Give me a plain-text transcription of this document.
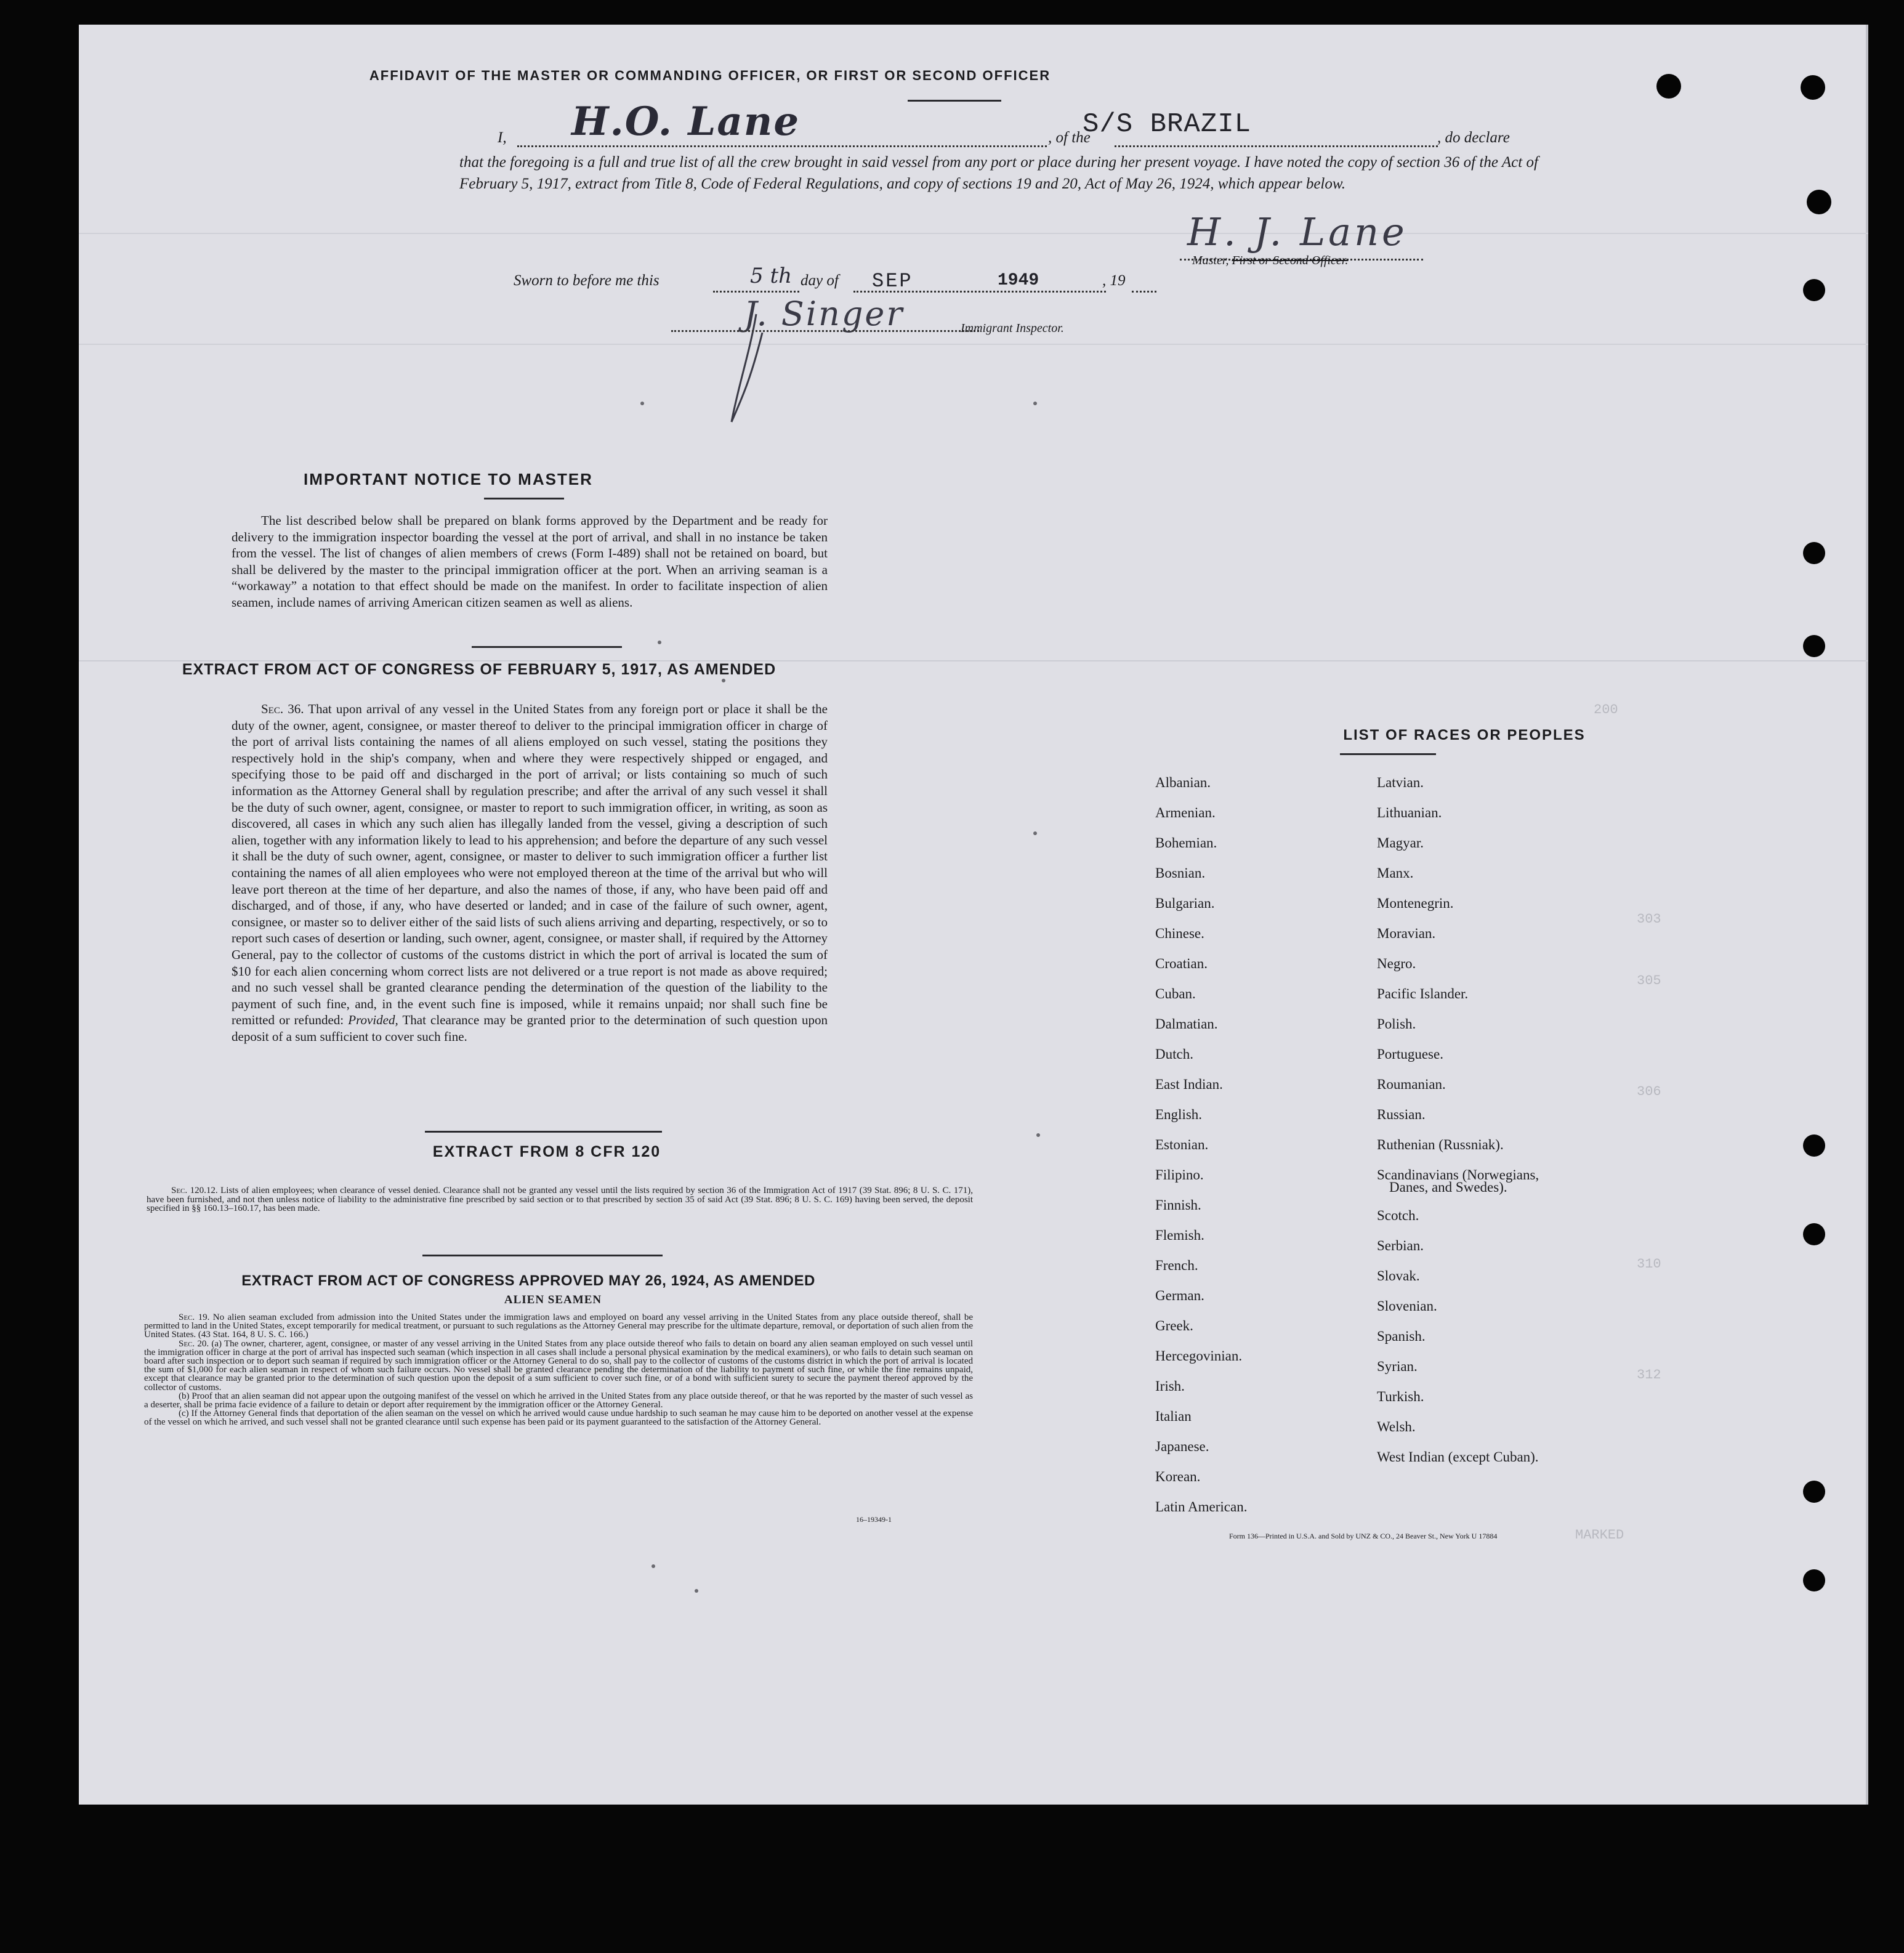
200
303
305
306
310
312
MARKED
AFFIDAVIT OF THE MASTER OR COMMANDING OFFICER, OR FIRST OR SECOND OFFICER
I, H.O. Lane	, of the
S/S BRAZIL	, do declare
that the foregoing is a full and true list of all the crew brought in said vessel from any port or place during her present voyage. I have noted the copy of section 36 of the Act of February 5, 1917, extract from Title 8, Code of Federal Regulations, and copy of sections 19 and 20, Act of May 26, 1924, which appear below.
H. J. Lane
Master, First or Second Officer.
Sworn to before me this	5 th day of SEP	1949	, 19
J. Singer	Immigrant Inspector.
IMPORTANT NOTICE TO MASTER
The list described below shall be prepared on blank forms approved by the Department and be ready for delivery to the immigration inspector boarding the vessel at the port of arrival, and shall in no instance be taken from the vessel. The list of changes of alien members of crews (Form I-489) shall not be retained on board, but shall be delivered by the master to the principal immigration officer at the port. When an arriving seaman is a “workaway” a notation to that effect should be made on the manifest. In order to facilitate inspection of alien seamen, include names of arriving American citizen seamen as well as aliens.
EXTRACT FROM ACT OF CONGRESS OF FEBRUARY 5, 1917, AS AMENDED
Sec. 36. That upon arrival of any vessel in the United States from any foreign port or place it shall be the duty of the owner, agent, consignee, or master thereof to deliver to the principal immigration officer in charge of the port of arrival lists containing the names of all aliens employed on such vessel, stating the positions they respectively hold in the ship's company, when and where they were respectively shipped or engaged, and specifying those to be paid off and discharged in the port of arrival; or lists containing so much of such information as the Attorney General shall by regulation prescribe; and after the arrival of any such vessel it shall be the duty of such owner, agent, consignee, or master to report to such immigration officer, in writing, as soon as discovered, all cases in which any such alien has illegally landed from the vessel, giving a description of such alien, together with any information likely to lead to his apprehension; and before the departure of any such vessel it shall be the duty of such owner, agent, consignee, or master to deliver to such immigration officer a further list containing the names of all alien employees who were not employed thereon at the time of the arrival but who will leave port thereon at the time of her departure, and also the names of those, if any, who have been paid off and discharged, and of those, if any, who have deserted or landed; and in case of the failure of such owner, agent, consignee, or master so to deliver either of the said lists of such aliens arriving and departing, respectively, or so to report such cases of desertion or landing, such owner, agent, consignee, or master shall, if required by the Attorney General, pay to the collector of customs of the customs district in which the port of arrival is located the sum of $10 for each alien concerning whom correct lists are not delivered or a true report is not made as above required; and no such vessel shall be granted clearance pending the determination of the question of the liability to the payment of such fine, and, in the event such fine is imposed, while it remains unpaid; nor shall such fine be remitted or refunded: Provided, That clearance may be granted prior to the determination of such question upon deposit of a sum sufficient to cover such fine.
EXTRACT FROM 8 CFR 120
Sec. 120.12. Lists of alien employees; when clearance of vessel denied. Clearance shall not be granted any vessel until the lists required by section 36 of the Immigration Act of 1917 (39 Stat. 896; 8 U. S. C. 171), have been furnished, and not then unless notice of liability to the administrative fine prescribed by said section or to that prescribed by section 35 of said Act (39 Stat. 896; 8 U. S. C. 169) having been served, the deposit specified in §§ 160.13–160.17, has been made.
EXTRACT FROM ACT OF CONGRESS APPROVED MAY 26, 1924, AS AMENDED
ALIEN SEAMEN
Sec. 19. No alien seaman excluded from admission into the United States under the immigration laws and employed on board any vessel arriving in the United States from any place outside thereof, shall be permitted to land in the United States, except temporarily for medical treatment, or pursuant to such regulations as the Attorney General may prescribe for the ultimate departure, removal, or deportation of such alien from the United States. (43 Stat. 164, 8 U. S. C. 166.)
Sec. 20. (a) The owner, charterer, agent, consignee, or master of any vessel arriving in the United States from any place outside thereof who fails to detain on board any alien seaman employed on such vessel until the immigration officer in charge at the port of arrival has inspected such seaman (which inspection in all cases shall include a personal physical examination by the medical examiners), or who fails to detain such seaman on board after such inspection or to deport such seaman if required by such immigration officer or the Attorney General to do so, shall pay to the collector of customs of the customs district in which the port of arrival is located the sum of $1,000 for each alien seaman in respect of whom such failure occurs. No vessel shall be granted clearance pending the determination of the liability to payment of such fine, or while the fine remains unpaid, except that clearance may be granted prior to the determination of such question upon the deposit of a sum sufficient to cover such fine, or of a bond with sufficient surety to secure the payment thereof approved by the collector of customs.
(b) Proof that an alien seaman did not appear upon the outgoing manifest of the vessel on which he arrived in the United States from any place outside thereof, or that he was reported by the master of such vessel as a deserter, shall be prima facie evidence of a failure to detain or deport after requirement by the immigration officer or the Attorney General.
(c) If the Attorney General finds that deportation of the alien seaman on the vessel on which he arrived would cause undue hardship to such seaman he may cause him to be deported on another vessel at the expense of the vessel on which he arrived, and such vessel shall not be granted clearance until such expense has been paid or its payment guaranteed to the satisfaction of the Attorney General.
16–19349-1
LIST OF RACES OR PEOPLES
Albanian.
Armenian.
Bohemian.
Bosnian.
Bulgarian.
Chinese.
Croatian.
Cuban.
Dalmatian.
Dutch.
East Indian.
English.
Estonian.
Filipino.
Finnish.
Flemish.
French.
German.
Greek.
Hercegovinian.
Irish.
Italian
Japanese.
Korean.
Latin American.
Latvian.
Lithuanian.
Magyar.
Manx.
Montenegrin.
Moravian.
Negro.
Pacific Islander.
Polish.
Portuguese.
Roumanian.
Russian.
Ruthenian (Russniak).
Scandinavians (Norwegians,
Danes, and Swedes).
Scotch.
Serbian.
Slovak.
Slovenian.
Spanish.
Syrian.
Turkish.
Welsh.
West Indian (except Cuban).
Form 136—Printed in U.S.A. and Sold by UNZ & CO., 24 Beaver St., New York U 17884
